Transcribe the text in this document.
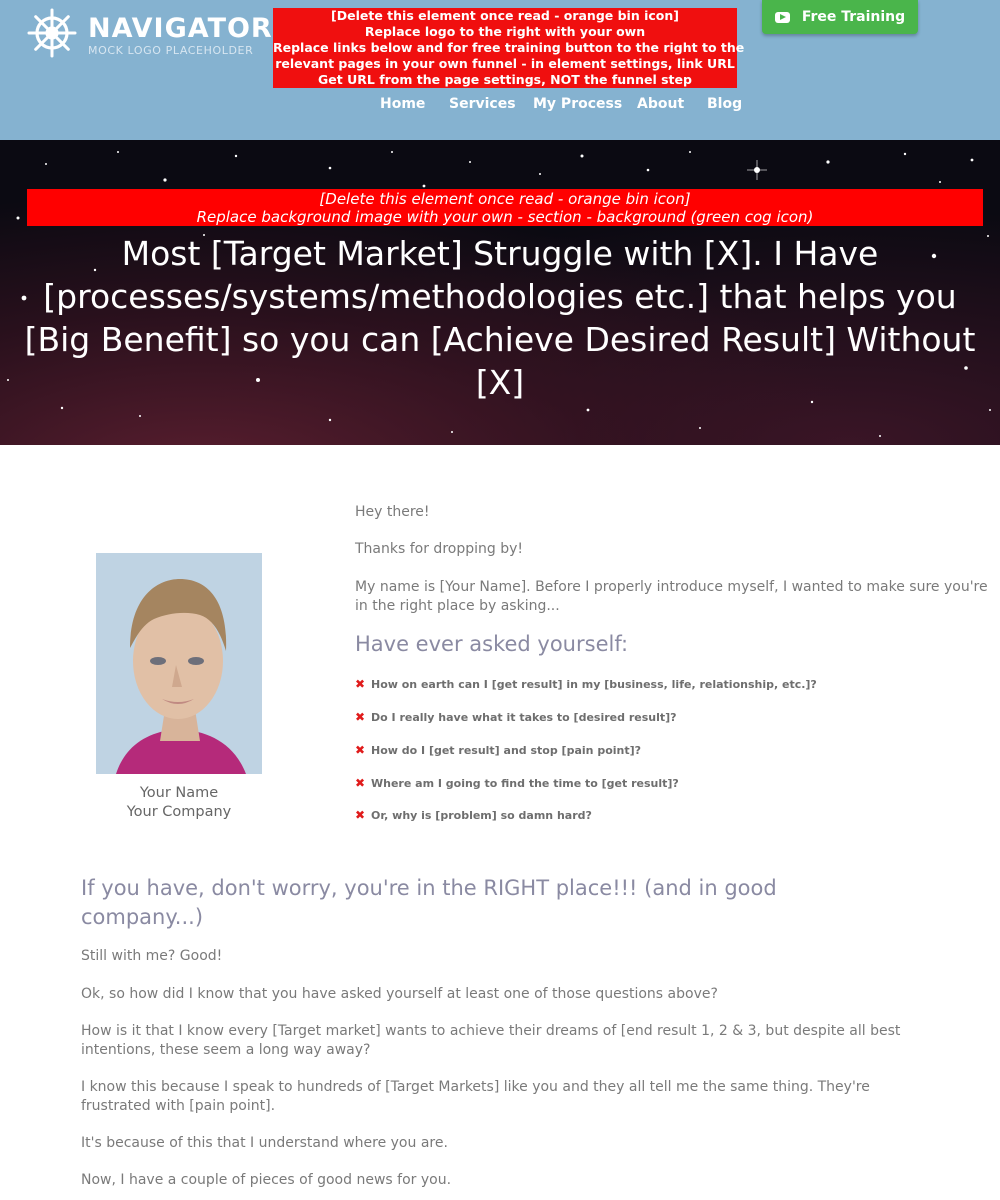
NAVIGATOR
MOCK LOGO PLACEHOLDER
[Delete this element once read - orange bin icon]
Replace logo to the right with your own
Replace links below and for free training button to the right to the
relevant pages in your own funnel - in element settings, link URL
Get URL from the page settings, NOT the funnel step
Free Training
Home Services My Process About Blog
[Delete this element once read - orange bin icon]
Replace background image with your own - section - background (green cog icon)
Most [Target Market] Struggle with [X]. I Have [processes/systems/methodologies etc.] that helps you [Big Benefit] so you can [Achieve Desired Result] Without [X]
Your Name
Your Company

Hey there!

Thanks for dropping by!

My name is [Your Name]. Before I properly introduce myself, I wanted to make sure you're in the right place by asking...

Have ever asked yourself:
✖ How on earth can I [get result] in my [business, life, relationship, etc.]?
✖ Do I really have what it takes to [desired result]?
✖ How do I [get result] and stop [pain point]?
✖ Where am I going to find the time to [get result]?
✖ Or, why is [problem] so damn hard?
If you have, don't worry, you're in the RIGHT place!!! (and in good company...)

Still with me? Good!

Ok, so how did I know that you have asked yourself at least one of those questions above?

How is it that I know every [Target market] wants to achieve their dreams of [end result 1, 2 & 3, but despite all best intentions, these seem a long way away?

I know this because I speak to hundreds of [Target Markets] like you and they all tell me the same thing. They're frustrated with [pain point].

It's because of this that I understand where you are.

Now, I have a couple of pieces of good news for you.
